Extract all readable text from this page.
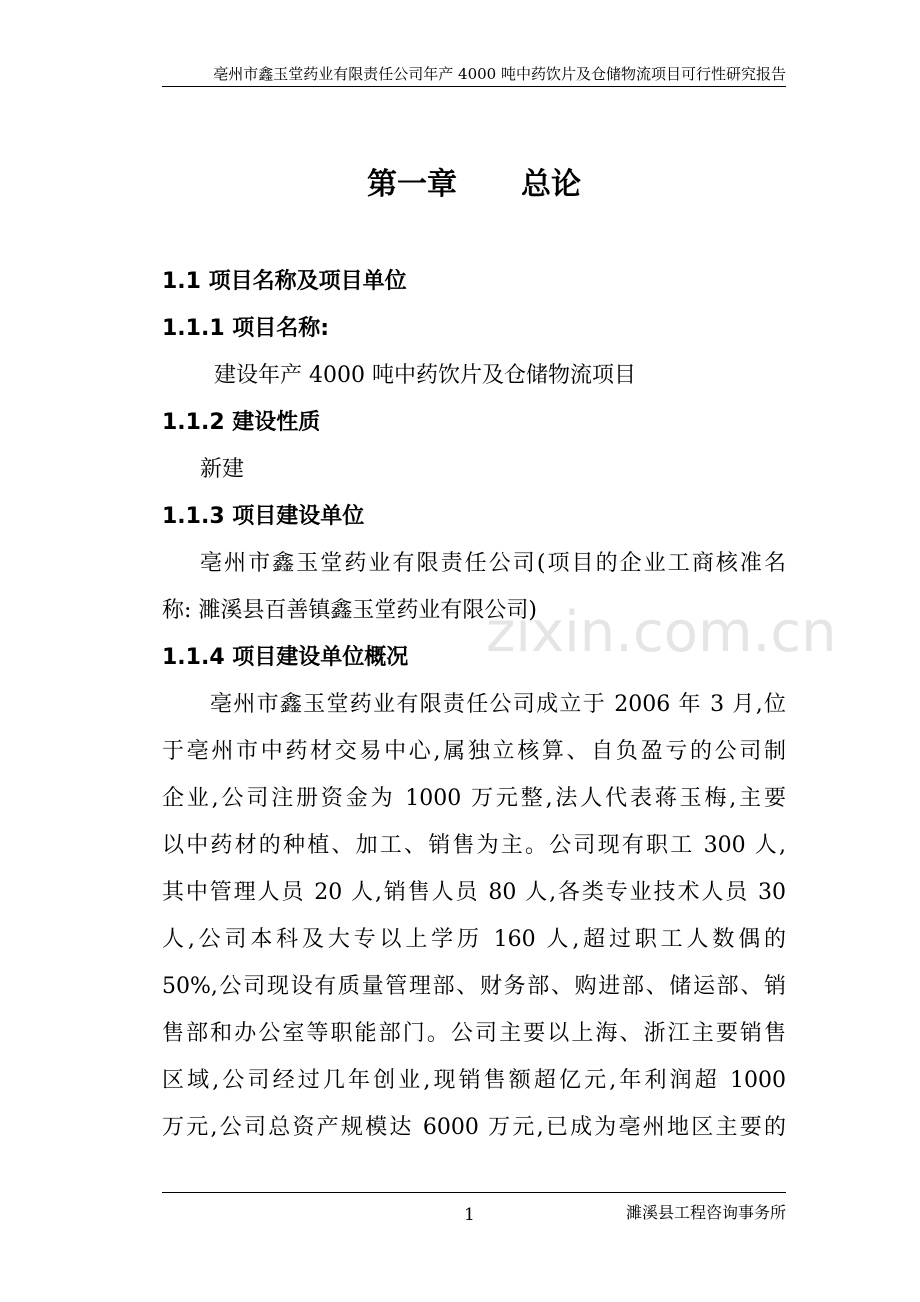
亳州市鑫玉堂药业有限责任公司年产 4000 吨中药饮片及仓储物流项目可行性研究报告
第一章 总论
1.1 项目名称及项目单位
1.1.1 项目名称:
建设年产 4000 吨中药饮片及仓储物流项目
1.1.2 建设性质
新建
1.1.3 项目建设单位
亳州市鑫玉堂药业有限责任公司(项目的企业工商核准名
称: 濉溪县百善镇鑫玉堂药业有限公司)
1.1.4 项目建设单位概况
亳州市鑫玉堂药业有限责任公司成立于 2006 年 3 月,位
于亳州市中药材交易中心,属独立核算、自负盈亏的公司制
企业,公司注册资金为 1000 万元整,法人代表蒋玉梅,主要
以中药材的种植、加工、销售为主。公司现有职工 300 人,
其中管理人员 20 人,销售人员 80 人,各类专业技术人员 30
人,公司本科及大专以上学历 160 人,超过职工人数偶的
50%,公司现设有质量管理部、财务部、购进部、储运部、销
售部和办公室等职能部门。公司主要以上海、浙江主要销售
区域,公司经过几年创业,现销售额超亿元,年利润超 1000
万元,公司总资产规模达 6000 万元,已成为亳州地区主要的
zixin.com.cn
1	濉溪县工程咨询事务所
